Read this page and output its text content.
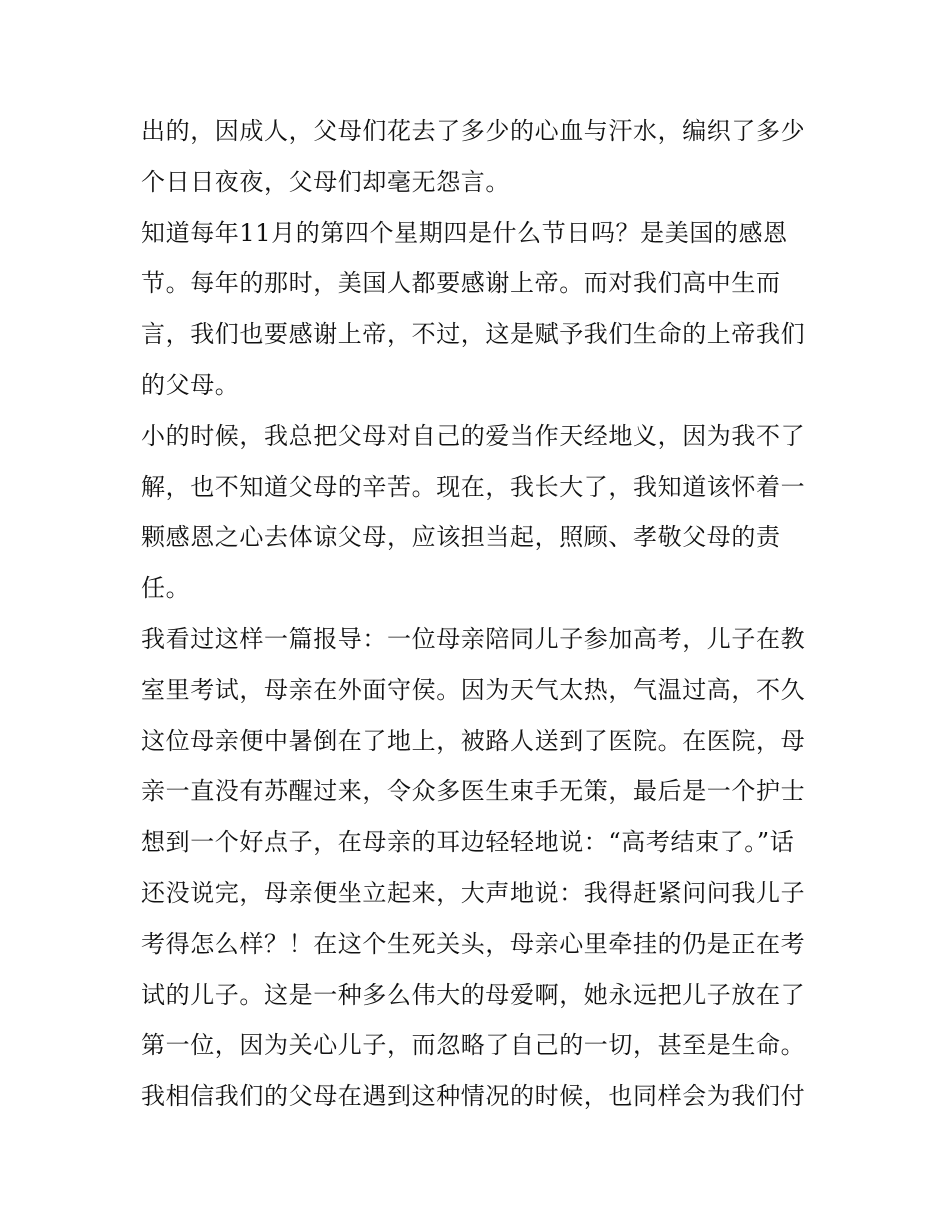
出的，因成人，父母们花去了多少的心血与汗水，编织了多少
个日日夜夜，父母们却毫无怨言。
知道每年11月的第四个星期四是什么节日吗？是美国的感恩
节。每年的那时，美国人都要感谢上帝。而对我们高中生而
言，我们也要感谢上帝，不过，这是赋予我们生命的上帝我们
的父母。
小的时候，我总把父母对自己的爱当作天经地义，因为我不了
解，也不知道父母的辛苦。现在，我长大了，我知道该怀着一
颗感恩之心去体谅父母，应该担当起，照顾、孝敬父母的责
任。
我看过这样一篇报导：一位母亲陪同儿子参加高考，儿子在教
室里考试，母亲在外面守侯。因为天气太热，气温过高，不久
这位母亲便中暑倒在了地上，被路人送到了医院。在医院，母
亲一直没有苏醒过来，令众多医生束手无策，最后是一个护士
想到一个好点子，在母亲的耳边轻轻地说：“高考结束了。”话
还没说完，母亲便坐立起来，大声地说：我得赶紧问问我儿子
考得怎么样？！在这个生死关头，母亲心里牵挂的仍是正在考
试的儿子。这是一种多么伟大的母爱啊，她永远把儿子放在了
第一位，因为关心儿子，而忽略了自己的一切，甚至是生命。
我相信我们的父母在遇到这种情况的时候，也同样会为我们付
